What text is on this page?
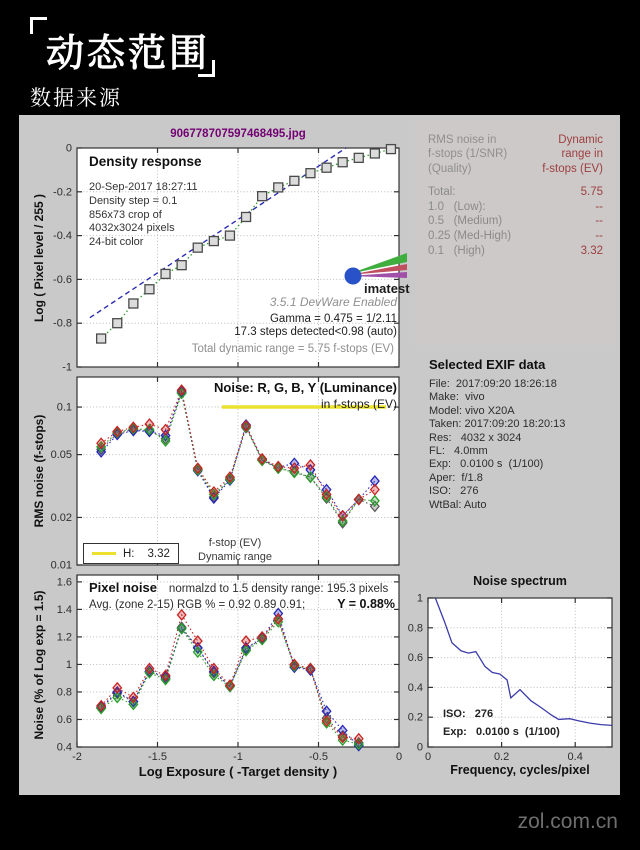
动态范围
数据来源
906778707597468495.jpg
0
-0.2
-0.4
-0.6
-0.8
-1
Density response
20-Sep-2017 18:27:11
Density step = 0.1
856x73 crop of
4032x3024 pixels
24-bit color
imatest
3.5.1 DevWare Enabled
Gamma = 0.475 = 1/2.11
17.3 steps detected<0.98 (auto)
Total dynamic range = 5.75 f-stops (EV)
Log ( Pixel level / 255 )
0.1
0.05
0.02
0.01
Noise: R, G, B, Y (Luminance)
in f-stops (EV)
f-stop (EV)
Dynamic range
H: 3.32
RMS noise (f-stops)
1.6
1.4
1.2
1
0.8
0.6
0.4
-2	-1.5	-1	-0.5	0
Pixel noise normalzd to 1.5 density range: 195.3 pixels
Avg. (zone 2-15) RGB % = 0.92 0.89 0.91;	Y = 0.88%
Noise (% of Log exp = 1.5)
Log Exposure ( -Target density )
RMS noise in
f-stops (1/SNR)
(Quality)
Dynamic
range in
f-stops (EV)
Total:	5.75
1.0   (Low):	--
0.5   (Medium)	--
0.25 (Med-High)	--
0.1   (High)	3.32
Selected EXIF data
File:  2017:09:20 18:26:18
Make:  vivo
Model: vivo X20A
Taken: 2017:09:20 18:20:13
Res:   4032 x 3024
FL:   4.0mm
Exp:   0.0100 s  (1/100)
Aper:  f/1.8
ISO:   276
WtBal: Auto
Noise spectrum
0
0.2
0.4
0.6
0.8
1
0	0.2	0.4
ISO:   276
Exp:   0.0100 s  (1/100)
Frequency, cycles/pixel
zol.com.cn
